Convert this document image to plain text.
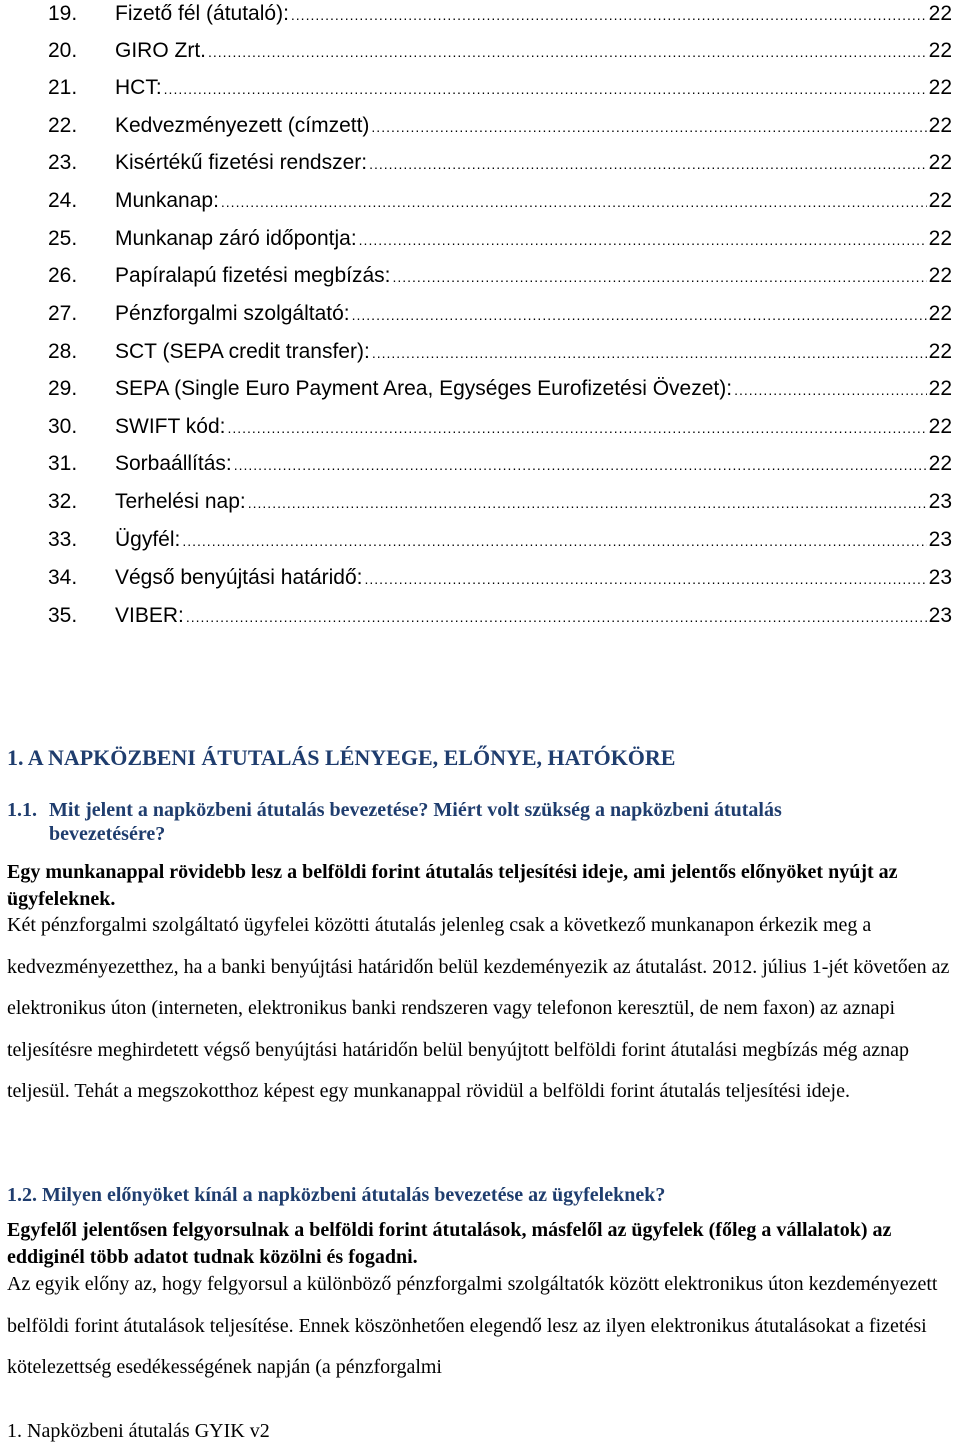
19.	Fizető fél (átutaló): .....	22
20.	GIRO Zrt. .....	22
21.	HCT: .....	22
22.	Kedvezményezett (címzett) .....	22
23.	Kisértékű fizetési rendszer: .....	22
24.	Munkanap: .....	22
25.	Munkanap záró időpontja: .....	22
26.	Papíralapú fizetési megbízás: .....	22
27.	Pénzforgalmi szolgáltató: .....	22
28.	SCT (SEPA credit transfer): .....	22
29.	SEPA (Single Euro Payment Area, Egységes Eurofizetési Övezet): .....	22
30.	SWIFT kód: .....	22
31.	Sorbaállítás: .....	22
32.	Terhelési nap: .....	23
33.	Ügyfél: .....	23
34.	Végső benyújtási határidő: .....	23
35.	VIBER: .....	23
1. A NAPKÖZBENI ÁTUTALÁS LÉNYEGE, ELŐNYE, HATÓKÖRE
1.1. Mit jelent a napközbeni átutalás bevezetése? Miért volt szükség a napközbeni átutalás
bevezetésére?
Egy munkanappal rövidebb lesz a belföldi forint átutalás teljesítési ideje, ami jelentős előnyöket nyújt az ügyfeleknek.
Két pénzforgalmi szolgáltató ügyfelei közötti átutalás jelenleg csak a következő munkanapon érkezik meg a kedvezményezetthez, ha a banki benyújtási határidőn belül kezdeményezik az átutalást. 2012. július 1-jét követően az elektronikus úton (interneten, elektronikus banki rendszeren vagy telefonon keresztül, de nem faxon) az aznapi teljesítésre meghirdetett végső benyújtási határidőn belül benyújtott belföldi forint átutalási megbízás még aznap teljesül. Tehát a megszokotthoz képest egy munkanappal rövidül a belföldi forint átutalás teljesítési ideje.
1.2. Milyen előnyöket kínál a napközbeni átutalás bevezetése az ügyfeleknek?
Egyfelől jelentősen felgyorsulnak a belföldi forint átutalások, másfelől az ügyfelek (főleg a vállalatok) az eddiginél több adatot tudnak közölni és fogadni.
Az egyik előny az, hogy felgyorsul a különböző pénzforgalmi szolgáltatók között elektronikus úton kezdeményezett belföldi forint átutalások teljesítése. Ennek köszönhetően elegendő lesz az ilyen elektronikus átutalásokat a fizetési kötelezettség esedékességének napján (a pénzforgalmi
1. Napközbeni átutalás GYIK v2
